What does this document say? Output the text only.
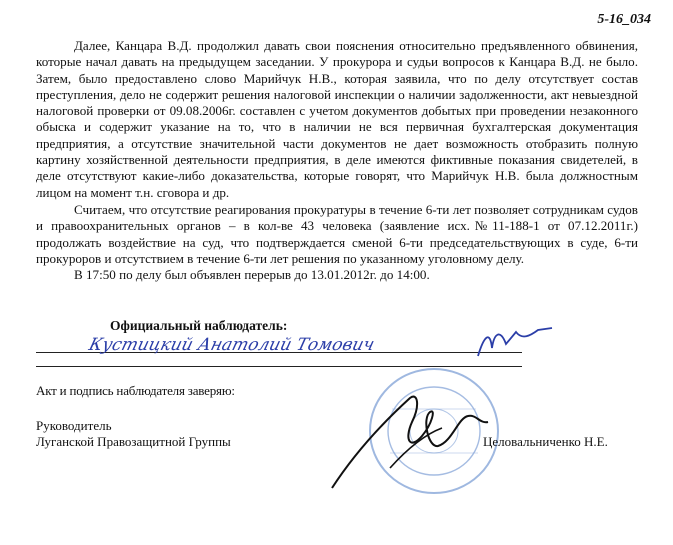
5-16_034

Далее, Канцара В.Д. продолжил давать свои пояснения относительно предъявленного обвинения, которые начал давать на предыдущем заседании. У прокурора и судьи вопросов к Канцара В.Д. не было. Затем, было предоставлено слово Марийчук Н.В., которая заявила, что по делу отсутствует состав преступления, дело не содержит решения налоговой инспекции о наличии задолженности, акт невыездной налоговой проверки от 09.08.2006г. составлен с учетом документов добытых при проведении незаконного обыска и содержит указание на то, что в наличии не вся первичная бухгалтерская документация предприятия, а отсутствие значительной части документов не дает возможность отобразить полную картину хозяйственной деятельности предприятия, в деле имеются фиктивные показания свидетелей, в деле отсутствуют какие-либо доказательства, которые говорят, что Марийчук Н.В. была должностным лицом на момент т.н. сговора и др.

Считаем, что отсутствие реагирования прокуратуры в течение 6-ти лет позволяет сотрудникам судов и правоохранительных органов – в кол-ве 43 человека (заявление исх.№11-188-1 от 07.12.2011г.) продолжать воздействие на суд, что подтверждается сменой 6-ти председательствующих в суде, 6-ти прокуроров и отсутствием в течение 6-ти лет решения по указанному уголовному делу.

В 17:50 по делу был объявлен перерыв до 13.01.2012г. до 14:00.

Официальный наблюдатель:
Кустицкий Анатолий Томович
Акт и подпись наблюдателя заверяю:
Руководитель
Луганской Правозащитной Группы	Целовальниченко Н.Е.
